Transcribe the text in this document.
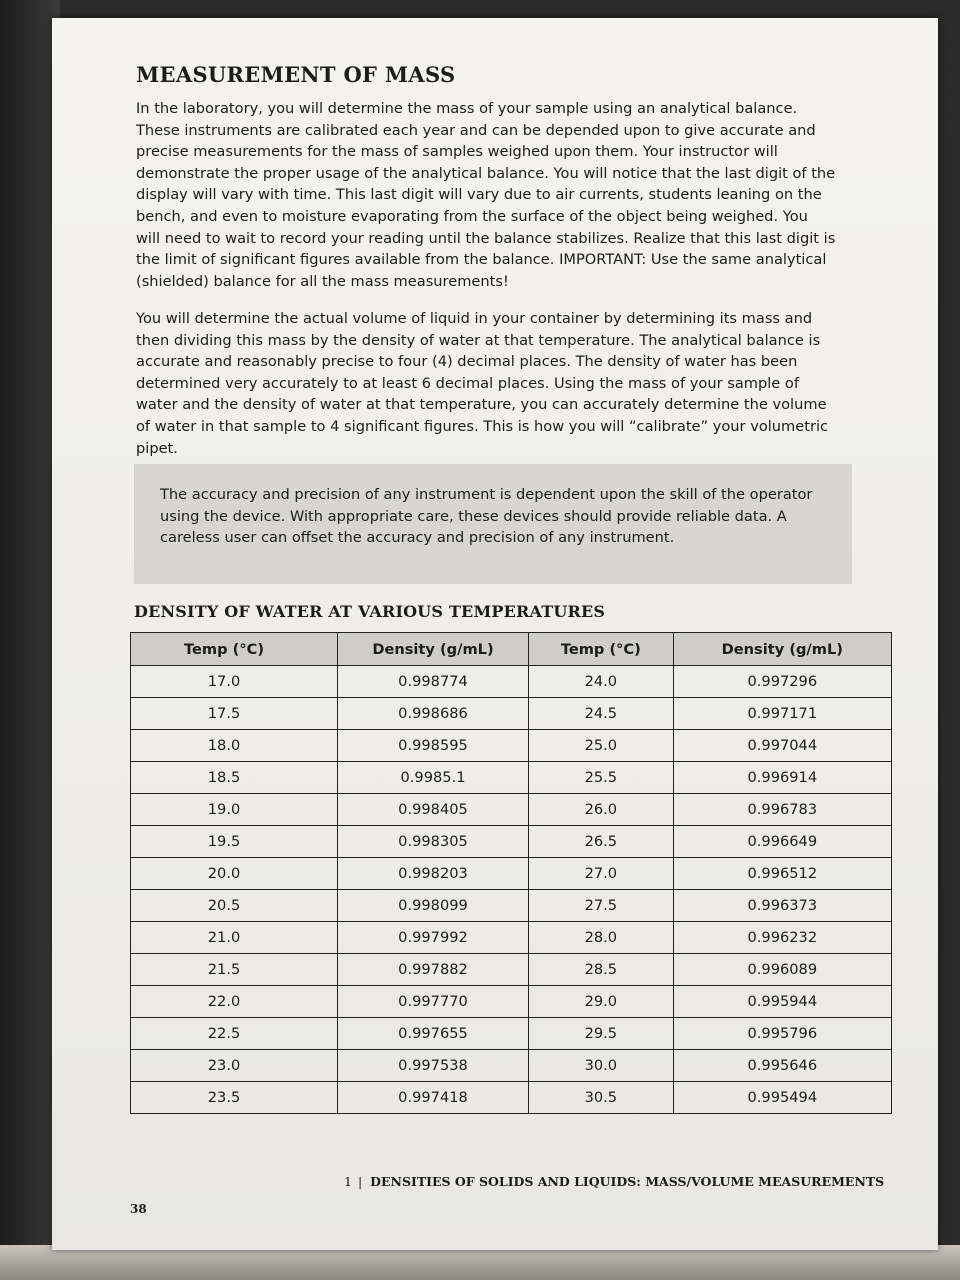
MEASUREMENT OF MASS

In the laboratory, you will determine the mass of your sample using an analytical balance. These instruments are calibrated each year and can be depended upon to give accurate and precise measurements for the mass of samples weighed upon them. Your instructor will demonstrate the proper usage of the analytical balance. You will notice that the last digit of the display will vary with time. This last digit will vary due to air currents, students leaning on the bench, and even to moisture evaporating from the surface of the object being weighed. You will need to wait to record your reading until the balance stabilizes. Realize that this last digit is the limit of significant figures available from the balance. IMPORTANT: Use the same analytical (shielded) balance for all the mass measurements!

You will determine the actual volume of liquid in your container by determining its mass and then dividing this mass by the density of water at that temperature. The analytical balance is accurate and reasonably precise to four (4) decimal places. The density of water has been determined very accurately to at least 6 decimal places. Using the mass of your sample of water and the density of water at that temperature, you can accurately determine the volume of water in that sample to 4 significant figures. This is how you will “calibrate” your volumetric pipet.

The accuracy and precision of any instrument is dependent upon the skill of the operator using the device. With appropriate care, these devices should provide reliable data. A careless user can offset the accuracy and precision of any instrument.

DENSITY OF WATER AT VARIOUS TEMPERATURES
Temp (°C)	Density (g/mL)	Temp (°C)	Density (g/mL)
17.0	0.998774	24.0	0.997296
17.5	0.998686	24.5	0.997171
18.0	0.998595	25.0	0.997044
18.5	0.9985.1	25.5	0.996914
19.0	0.998405	26.0	0.996783
19.5	0.998305	26.5	0.996649
20.0	0.998203	27.0	0.996512
20.5	0.998099	27.5	0.996373
21.0	0.997992	28.0	0.996232
21.5	0.997882	28.5	0.996089
22.0	0.997770	29.0	0.995944
22.5	0.997655	29.5	0.995796
23.0	0.997538	30.0	0.995646
23.5	0.997418	30.5	0.995494
1 | DENSITIES OF SOLIDS AND LIQUIDS: MASS/VOLUME MEASUREMENTS
38
